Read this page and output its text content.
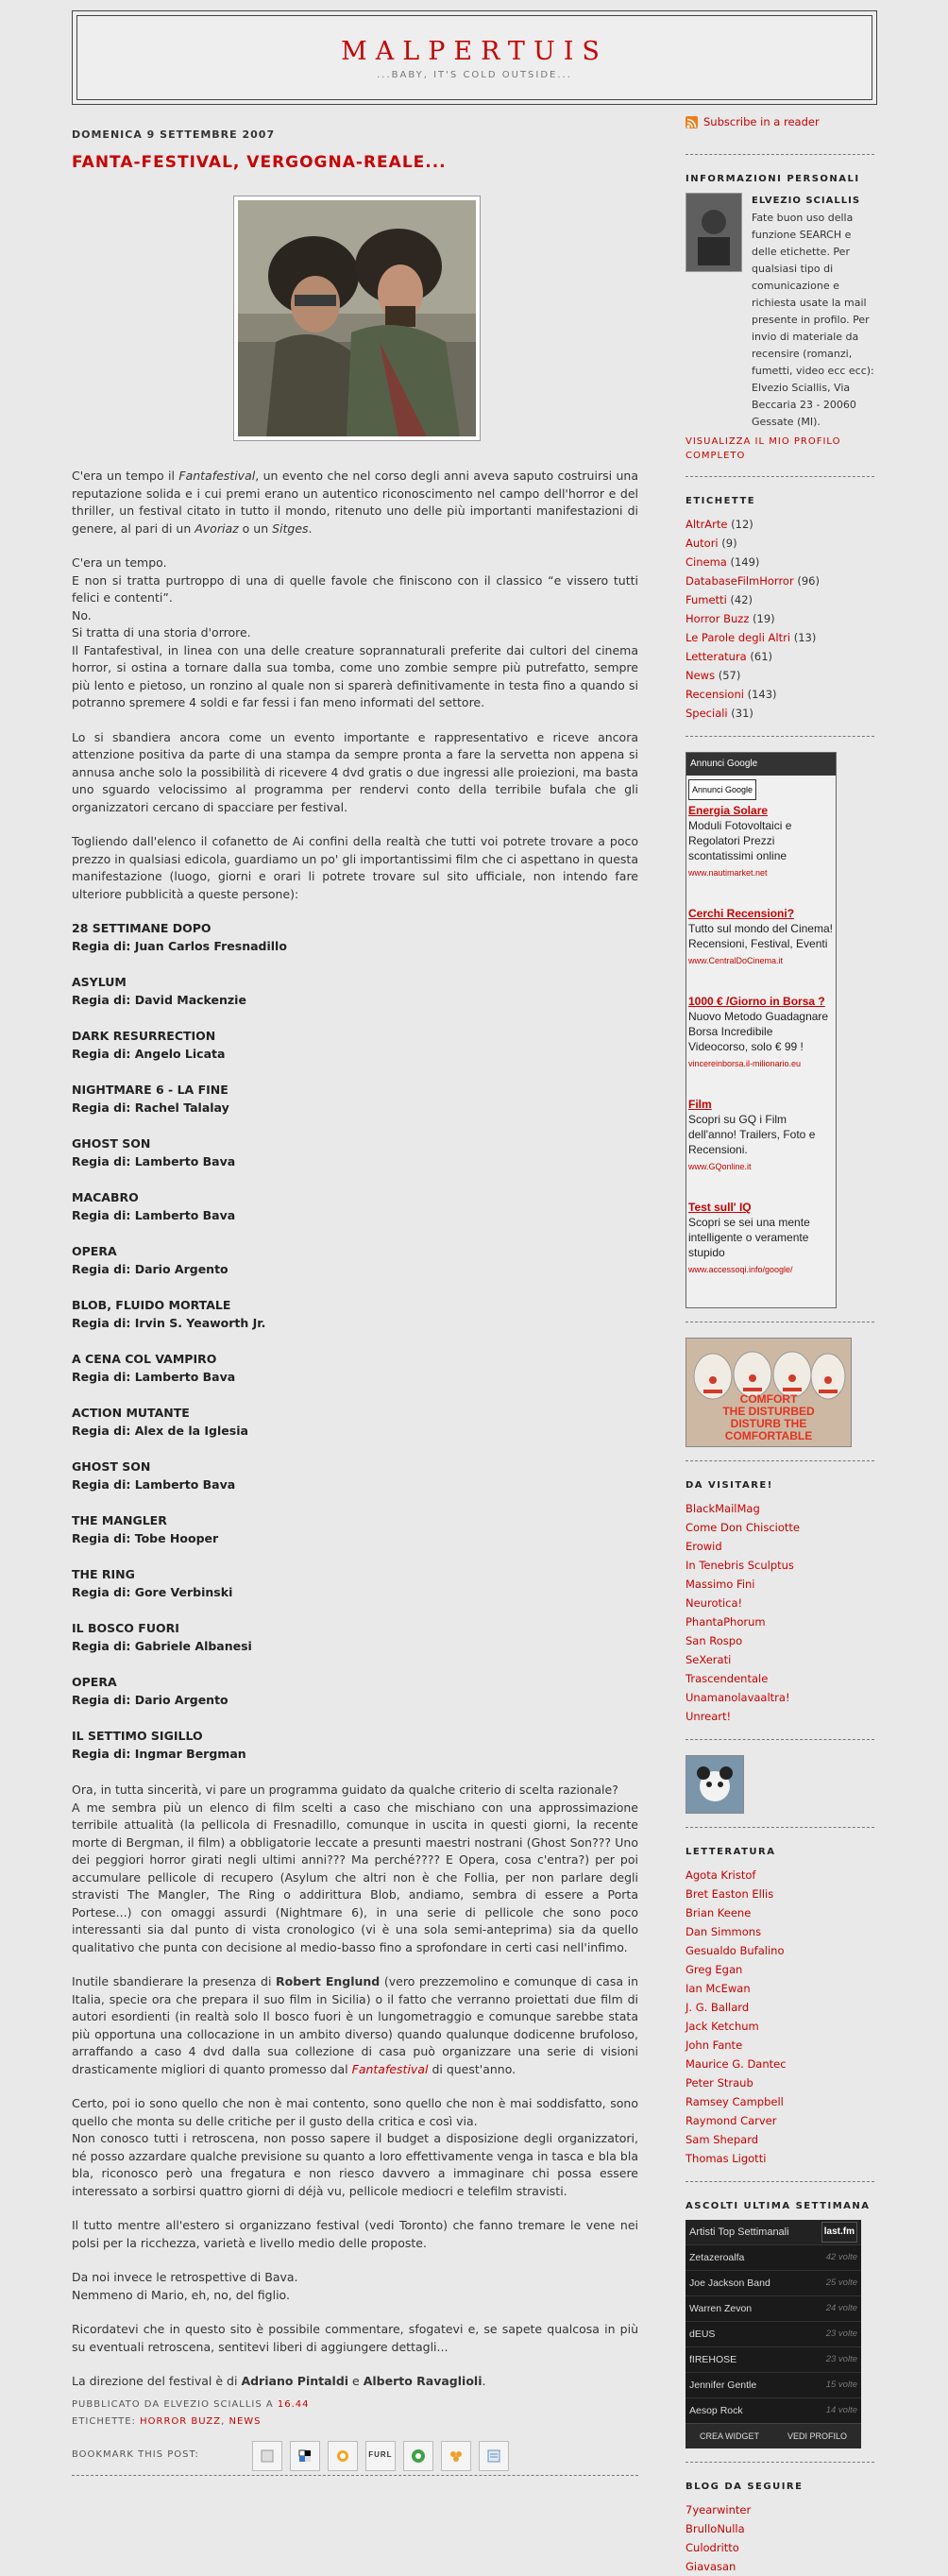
MALPERTUIS
...BABY, IT'S COLD OUTSIDE...
DOMENICA 9 SETTEMBRE 2007
FANTA-FESTIVAL, VERGOGNA-REALE...

C'era un tempo il Fantafestival, un evento che nel corso degli anni aveva saputo costruirsi una reputazione solida e i cui premi erano un autentico riconoscimento nel campo dell'horror e del thriller, un festival citato in tutto il mondo, ritenuto uno delle più importanti manifestazioni di genere, al pari di un Avoriaz o un Sitges.

C'era un tempo.
E non si tratta purtroppo di una di quelle favole che finiscono con il classico “e vissero tutti felici e contenti”.
No.
Si tratta di una storia d'orrore.
Il Fantafestival, in linea con una delle creature soprannaturali preferite dai cultori del cinema horror, si ostina a tornare dalla sua tomba, come uno zombie sempre più putrefatto, sempre più lento e pietoso, un ronzino al quale non si sparerà definitivamente in testa fino a quando si potranno spremere 4 soldi e far fessi i fan meno informati del settore.

Lo si sbandiera ancora come un evento importante e rappresentativo e riceve ancora attenzione positiva da parte di una stampa da sempre pronta a fare la servetta non appena si annusa anche solo la possibilità di ricevere 4 dvd gratis o due ingressi alle proiezioni, ma basta uno sguardo velocissimo al programma per rendervi conto della terribile bufala che gli organizzatori cercano di spacciare per festival.

Togliendo dall'elenco il cofanetto de Ai confini della realtà che tutti voi potrete trovare a poco prezzo in qualsiasi edicola, guardiamo un po' gli importantissimi film che ci aspettano in questa manifestazione (luogo, giorni e orari li potrete trovare sul sito ufficiale, non intendo fare ulteriore pubblicità a queste persone):

28 SETTIMANE DOPO
Regia di: Juan Carlos Fresnadillo
ASYLUM
Regia di: David Mackenzie
DARK RESURRECTION
Regia di: Angelo Licata
NIGHTMARE 6 - LA FINE
Regia di: Rachel Talalay
GHOST SON
Regia di: Lamberto Bava
MACABRO
Regia di: Lamberto Bava
OPERA
Regia di: Dario Argento
BLOB, FLUIDO MORTALE
Regia di: Irvin S. Yeaworth Jr.
A CENA COL VAMPIRO
Regia di: Lamberto Bava
ACTION MUTANTE
Regia di: Alex de la Iglesia
GHOST SON
Regia di: Lamberto Bava
THE MANGLER
Regia di: Tobe Hooper
THE RING
Regia di: Gore Verbinski
IL BOSCO FUORI
Regia di: Gabriele Albanesi
OPERA
Regia di: Dario Argento
IL SETTIMO SIGILLO
Regia di: Ingmar Bergman

Ora, in tutta sincerità, vi pare un programma guidato da qualche criterio di scelta razionale?
A me sembra più un elenco di film scelti a caso che mischiano con una approssimazione terribile attualità (la pellicola di Fresnadillo, comunque in uscita in questi giorni, la recente morte di Bergman, il film) a obbligatorie leccate a presunti maestri nostrani (Ghost Son??? Uno dei peggiori horror girati negli ultimi anni??? Ma perché???? E Opera, cosa c'entra?) per poi accumulare pellicole di recupero (Asylum che altri non è che Follia, per non parlare degli stravisti The Mangler, The Ring o addirittura Blob, andiamo, sembra di essere a Porta Portese...) con omaggi assurdi (Nightmare 6), in una serie di pellicole che sono poco interessanti sia dal punto di vista cronologico (vi è una sola semi-anteprima) sia da quello qualitativo che punta con decisione al medio-basso fino a sprofondare in certi casi nell'infimo.

Inutile sbandierare la presenza di Robert Englund (vero prezzemolino e comunque di casa in Italia, specie ora che prepara il suo film in Sicilia) o il fatto che verranno proiettati due film di autori esordienti (in realtà solo Il bosco fuori è un lungometraggio e comunque sarebbe stata più opportuna una collocazione in un ambito diverso) quando qualunque dodicenne brufoloso, arraffando a caso 4 dvd dalla sua collezione di casa può organizzare una serie di visioni drasticamente migliori di quanto promesso dal Fantafestival di quest'anno.

Certo, poi io sono quello che non è mai contento, sono quello che non è mai soddisfatto, sono quello che monta su delle critiche per il gusto della critica e così via.
Non conosco tutti i retroscena, non posso sapere il budget a disposizione degli organizzatori, né posso azzardare qualche previsione su quanto a loro effettivamente venga in tasca e bla bla bla, riconosco però una fregatura e non riesco davvero a immaginare chi possa essere interessato a sorbirsi quattro giorni di déjà vu, pellicole mediocri e telefilm stravisti.

Il tutto mentre all'estero si organizzano festival (vedi Toronto) che fanno tremare le vene nei polsi per la ricchezza, varietà e livello medio delle proposte.

Da noi invece le retrospettive di Bava.
Nemmeno di Mario, eh, no, del figlio.

Ricordatevi che in questo sito è possibile commentare, sfogatevi e, se sapete qualcosa in più su eventuali retroscena, sentitevi liberi di aggiungere dettagli...

La direzione del festival è di Adriano Pintaldi e Alberto Ravaglioli.

PUBBLICATO DA ELVEZIO SCIALLIS A 16.44
ETICHETTE: HORROR BUZZ, NEWS
BOOKMARK THIS POST:	FURL
Subscribe in a reader
INFORMAZIONI PERSONALI
ELVEZIO SCIALLIS
Fate buon uso della funzione SEARCH e delle etichette. Per qualsiasi tipo di comunicazione e richiesta usate la mail presente in profilo. Per invio di materiale da recensire (romanzi, fumetti, video ecc ecc): Elvezio Sciallis, Via Beccaria 23 - 20060 Gessate (MI).
VISUALIZZA IL MIO PROFILO COMPLETO
ETICHETTE
AltrArte (12)
Autori (9)
Cinema (149)
DatabaseFilmHorror (96)
Fumetti (42)
Horror Buzz (19)
Le Parole degli Altri (13)
Letteratura (61)
News (57)
Recensioni (143)
Speciali (31)
Annunci Google
Annunci Google
Energia Solare
Moduli Fotovoltaici e Regolatori Prezzi scontatissimi online
www.nautimarket.net
Cerchi Recensioni?
Tutto sul mondo del Cinema! Recensioni, Festival, Eventi
www.CentralDoCinema.it
1000 € /Giorno in Borsa ?
Nuovo Metodo Guadagnare Borsa Incredibile Videocorso, solo € 99 !
vincereinborsa.il-milionario.eu
Film
Scopri su GQ i Film dell'anno! Trailers, Foto e Recensioni.
www.GQonline.it
Test sull' IQ
Scopri se sei una mente intelligente o veramente stupido
www.accessoqi.info/google/
COMFORT
THE DISTURBED
DISTURB THE
COMFORTABLE
DA VISITARE!
BlackMailMag
Come Don Chisciotte
Erowid
In Tenebris Sculptus
Massimo Fini
Neurotica!
PhantaPhorum
San Rospo
SeXerati
Trascendentale
Unamanolavaaltra!
Unreart!
LETTERATURA
Agota Kristof
Bret Easton Ellis
Brian Keene
Dan Simmons
Gesualdo Bufalino
Greg Egan
Ian McEwan
J. G. Ballard
Jack Ketchum
John Fante
Maurice G. Dantec
Peter Straub
Ramsey Campbell
Raymond Carver
Sam Shepard
Thomas Ligotti
ASCOLTI ULTIMA SETTIMANA
Artisti Top Settimanali	last.fm
Zetazeroalfa	42 volte
Joe Jackson Band	25 volte
Warren Zevon	24 volte
dEUS	23 volte
fIREHOSE	23 volte
Jennifer Gentle	15 volte
Aesop Rock	14 volte
CREA WIDGET	VEDI PROFILO
BLOG DA SEGUIRE
7yearwinter
BrulloNulla
Culodritto
Giavasan
